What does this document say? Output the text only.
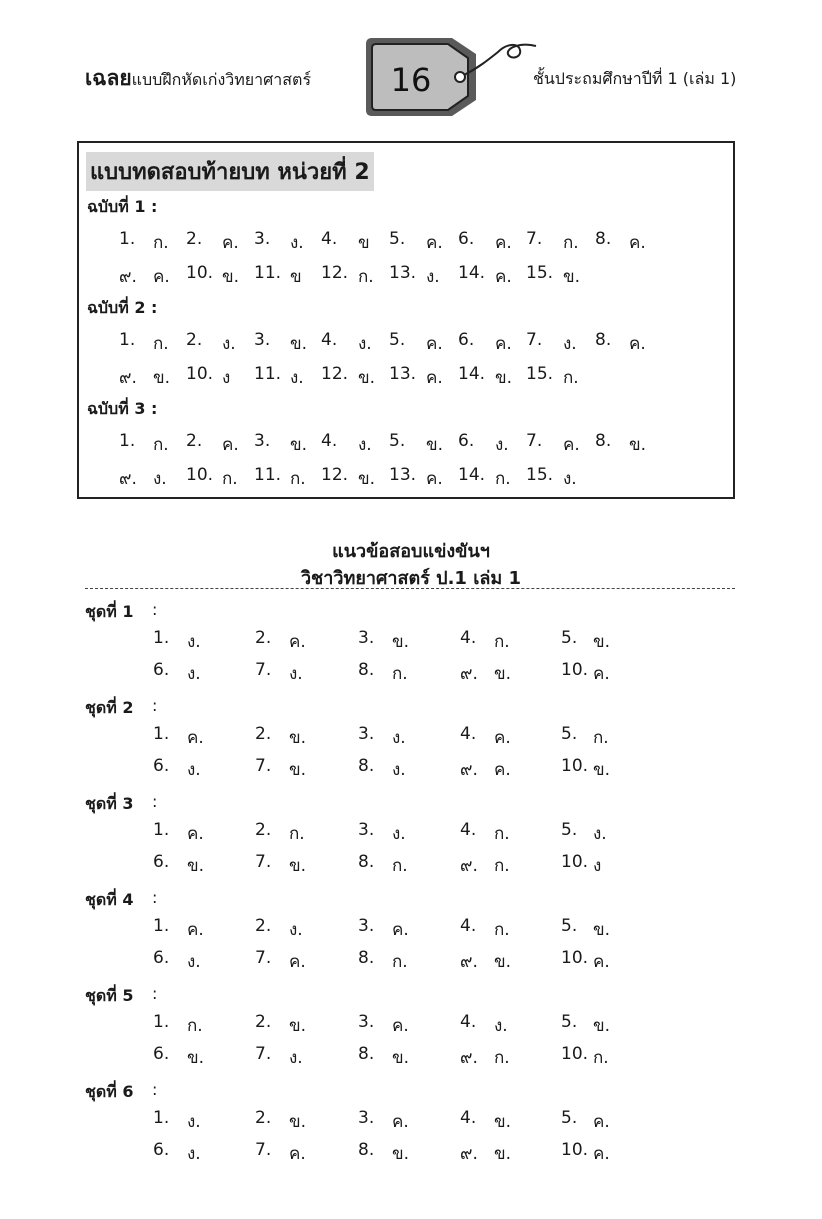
เฉลยแบบฝึกหัดเก่งวิทยาศาสตร์	16	ชั้นประถมศึกษาปีที่ 1 (เล่ม 1)
แบบทดสอบท้ายบท หน่วยที่ 2
ฉบับที่ 1 :
1. ก. 2. ค. 3. ง. 4. ข 5. ค. 6. ค. 7. ก. 8. ค.
๙. ค. 10. ข. 11. ข 12. ก. 13. ง. 14. ค. 15. ข.
ฉบับที่ 2 :
1. ก. 2. ง. 3. ข. 4. ง. 5. ค. 6. ค. 7. ง. 8. ค.
๙. ข. 10. ง 11. ง. 12. ข. 13. ค. 14. ข. 15. ก.
ฉบับที่ 3 :
1. ก. 2. ค. 3. ข. 4. ง. 5. ข. 6. ง. 7. ค. 8. ข.
๙. ง. 10. ก. 11. ก. 12. ข. 13. ค. 14. ก. 15. ง.
แนวข้อสอบแข่งขันฯ
วิชาวิทยาศาสตร์ ป.1 เล่ม 1
ชุดที่ 1 :
1. ง.	2. ค.	3. ข.	4. ก.	5. ข.
6. ง.	7. ง.	8. ก.	๙. ข.	10. ค.
ชุดที่ 2 :
1. ค.	2. ข.	3. ง.	4. ค.	5. ก.
6. ง.	7. ข.	8. ง.	๙. ค.	10. ข.
ชุดที่ 3 :
1. ค.	2. ก.	3. ง.	4. ก.	5. ง.
6. ข.	7. ข.	8. ก.	๙. ก.	10. ง
ชุดที่ 4 :
1. ค.	2. ง.	3. ค.	4. ก.	5. ข.
6. ง.	7. ค.	8. ก.	๙. ข.	10. ค.
ชุดที่ 5 :
1. ก.	2. ข.	3. ค.	4. ง.	5. ข.
6. ข.	7. ง.	8. ข.	๙. ก.	10. ก.
ชุดที่ 6 :
1. ง.	2. ข.	3. ค.	4. ข.	5. ค.
6. ง.	7. ค.	8. ข.	๙. ข.	10. ค.
